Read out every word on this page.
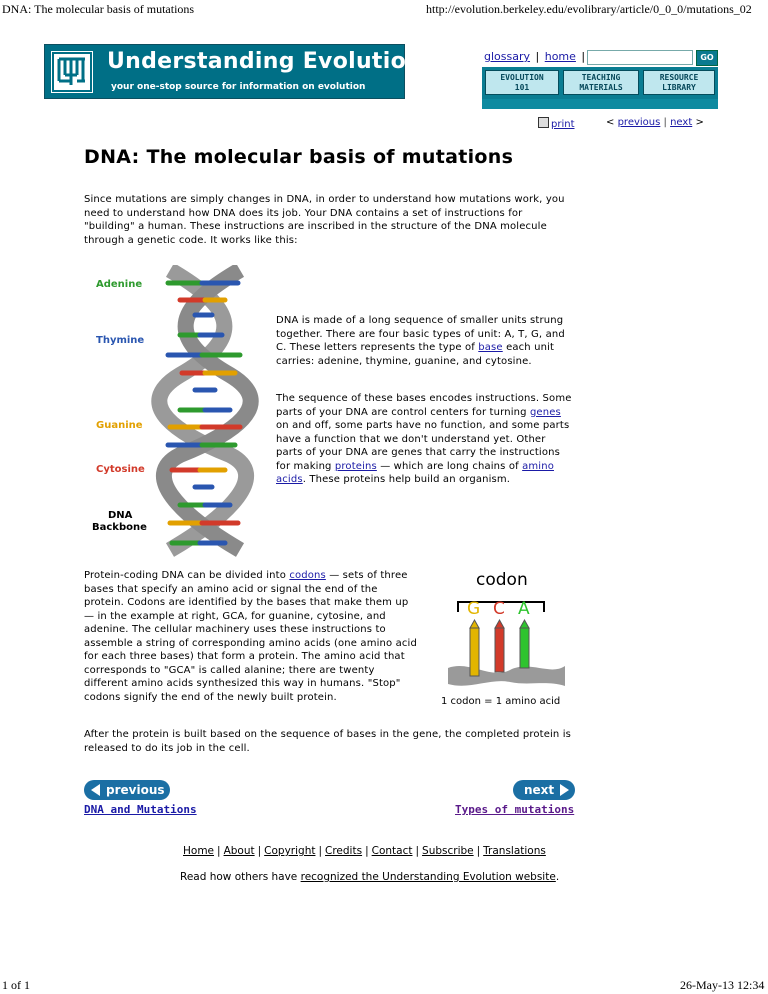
DNA: The molecular basis of mutations	http://evolution.berkeley.edu/evolibrary/article/0_0_0/mutations_02
Understanding Evolution
your one-stop source for information on evolution
glossary | home |	GO
EVOLUTION
101
TEACHING
MATERIALS
RESOURCE
LIBRARY
print	< previous | next >
DNA: The molecular basis of mutations

Since mutations are simply changes in DNA, in order to understand how mutations work, you need to understand how DNA does its job. Your DNA contains a set of instructions for "building" a human. These instructions are inscribed in the structure of the DNA molecule through a genetic code. It works like this:

Adenine
Thymine
Guanine
Cytosine
DNA
Backbone

DNA is made of a long sequence of smaller units strung together. There are four basic types of unit: A, T, G, and C. These letters represents the type of base each unit carries: adenine, thymine, guanine, and cytosine.

The sequence of these bases encodes instructions. Some parts of your DNA are control centers for turning genes on and off, some parts have no function, and some parts have a function that we don't understand yet. Other parts of your DNA are genes that carry the instructions for making proteins — which are long chains of amino acids. These proteins help build an organism.

Protein-coding DNA can be divided into codons — sets of three bases that specify an amino acid or signal the end of the protein. Codons are identified by the bases that make them up — in the example at right, GCA, for guanine, cytosine, and adenine. The cellular machinery uses these instructions to assemble a string of corresponding amino acids (one amino acid for each three bases) that form a protein. The amino acid that corresponds to "GCA" is called alanine; there are twenty different amino acids synthesized this way in humans. "Stop" codons signify the end of the newly built protein.

codon
G C A
1 codon = 1 amino acid

After the protein is built based on the sequence of bases in the gene, the completed protein is released to do its job in the cell.

previous	next
DNA and Mutations	Types of mutations
Home | About | Copyright | Credits | Contact | Subscribe | Translations
Read how others have recognized the Understanding Evolution website.
1 of 1	26-May-13 12:34
